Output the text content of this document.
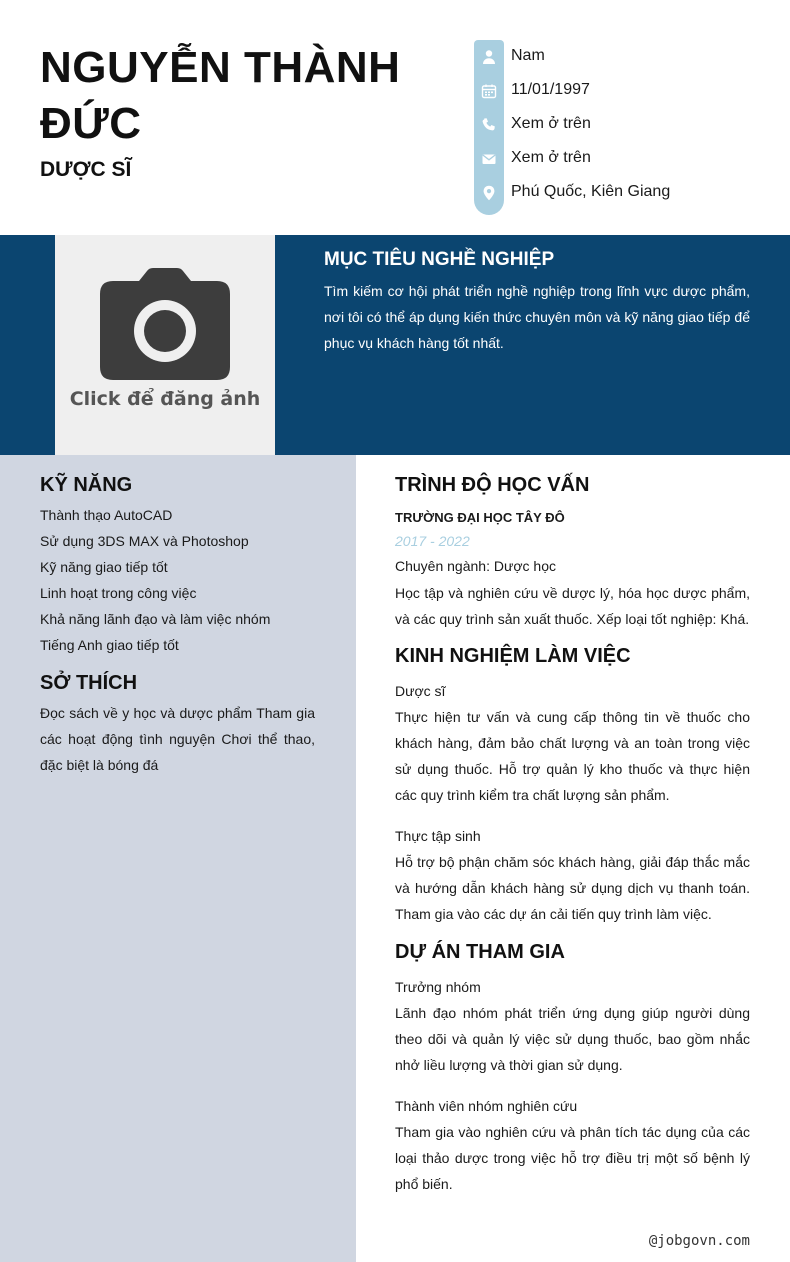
NGUYỄN THÀNH ĐỨC
DƯỢC SĨ
Nam
11/01/1997
Xem ở trên
Xem ở trên
Phú Quốc, Kiên Giang
Click để đăng ảnh
MỤC TIÊU NGHỀ NGHIỆP
Tìm kiếm cơ hội phát triển nghề nghiệp trong lĩnh vực dược phẩm, nơi tôi có thể áp dụng kiến thức chuyên môn và kỹ năng giao tiếp để phục vụ khách hàng tốt nhất.
KỸ NĂNG
Thành thạo AutoCAD
Sử dụng 3DS MAX và Photoshop
Kỹ năng giao tiếp tốt
Linh hoạt trong công việc
Khả năng lãnh đạo và làm việc nhóm
Tiếng Anh giao tiếp tốt
SỞ THÍCH
Đọc sách về y học và dược phẩm Tham gia các hoạt động tình nguyện Chơi thể thao, đặc biệt là bóng đá
TRÌNH ĐỘ HỌC VẤN
TRƯỜNG ĐẠI HỌC TÂY ĐÔ
2017 - 2022
Chuyên ngành: Dược học
Học tập và nghiên cứu về dược lý, hóa học dược phẩm, và các quy trình sản xuất thuốc. Xếp loại tốt nghiệp: Khá.
KINH NGHIỆM LÀM VIỆC
Dược sĩ
Thực hiện tư vấn và cung cấp thông tin về thuốc cho khách hàng, đảm bảo chất lượng và an toàn trong việc sử dụng thuốc. Hỗ trợ quản lý kho thuốc và thực hiện các quy trình kiểm tra chất lượng sản phẩm.
Thực tập sinh
Hỗ trợ bộ phận chăm sóc khách hàng, giải đáp thắc mắc và hướng dẫn khách hàng sử dụng dịch vụ thanh toán. Tham gia vào các dự án cải tiến quy trình làm việc.
DỰ ÁN THAM GIA
Trưởng nhóm
Lãnh đạo nhóm phát triển ứng dụng giúp người dùng theo dõi và quản lý việc sử dụng thuốc, bao gồm nhắc nhở liều lượng và thời gian sử dụng.
Thành viên nhóm nghiên cứu
Tham gia vào nghiên cứu và phân tích tác dụng của các loại thảo dược trong việc hỗ trợ điều trị một số bệnh lý phổ biến.
@jobgovn.com
